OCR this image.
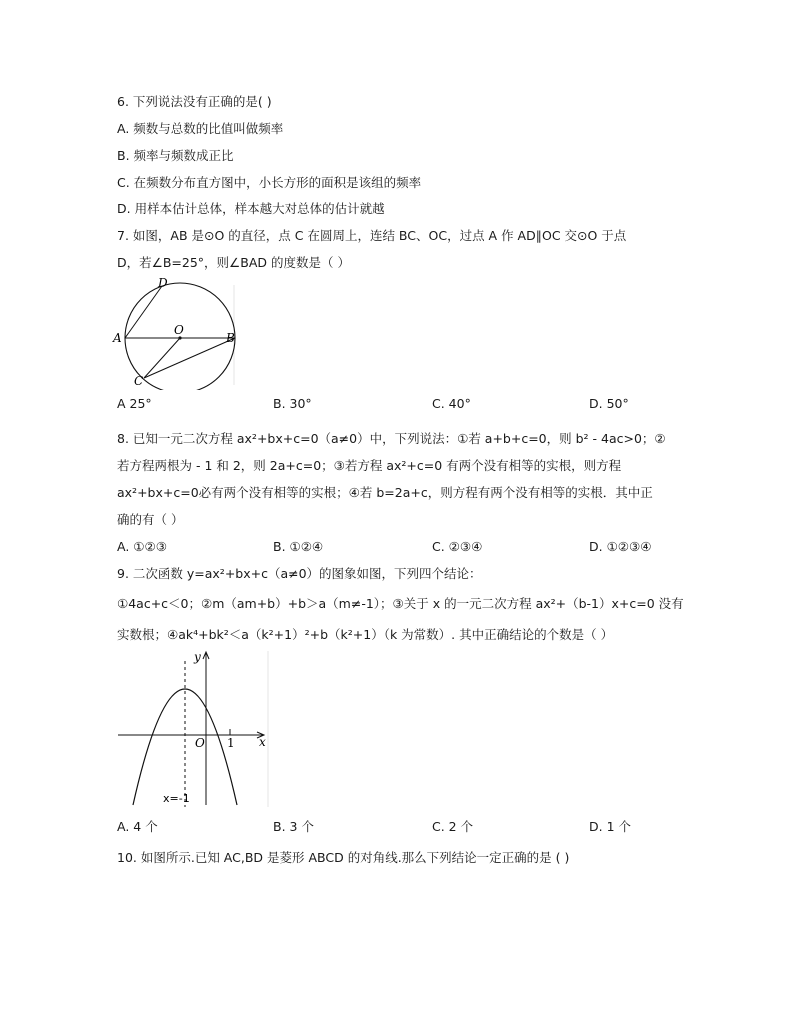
6. 下列说法没有正确的是( )
A. 频数与总数的比值叫做频率
B. 频率与频数成正比
C. 在频数分布直方图中，小长方形的面积是该组的频率
D. 用样本估计总体，样本越大对总体的估计就越
7. 如图，AB 是⊙O 的直径，点 C 在圆周上，连结 BC、OC，过点 A 作 AD∥OC 交⊙O 于点
D，若∠B=25°，则∠BAD 的度数是（ ）
A	B
C
D
O
A 25°	B. 30°	C. 40°	D. 50°
8. 已知一元二次方程 ax²+bx+c=0（a≠0）中，下列说法：①若 a+b+c=0，则 b² - 4ac>0；②
若方程两根为 - 1 和 2，则 2a+c=0；③若方程 ax²+c=0 有两个没有相等的实根，则方程
ax²+bx+c=0必有两个没有相等的实根；④若 b=2a+c，则方程有两个没有相等的实根．其中正
确的有（ ）
A. ①②③	B. ①②④	C. ②③④	D. ①②③④
9. 二次函数 y=ax²+bx+c（a≠0）的图象如图，下列四个结论：
①4ac+c＜0；②m（am+b）+b＞a（m≠-1）；③关于 x 的一元二次方程 ax²+（b-1）x+c=0 没有
实数根；④ak⁴+bk²＜a（k²+1）²+b（k²+1）（k 为常数）. 其中正确结论的个数是（ ）
y
x
O 1
x=-1
A. 4 个	B. 3 个	C. 2 个	D. 1 个
10. 如图所示.已知 AC,BD 是菱形 ABCD 的对角线.那么下列结论一定正确的是 ( )
